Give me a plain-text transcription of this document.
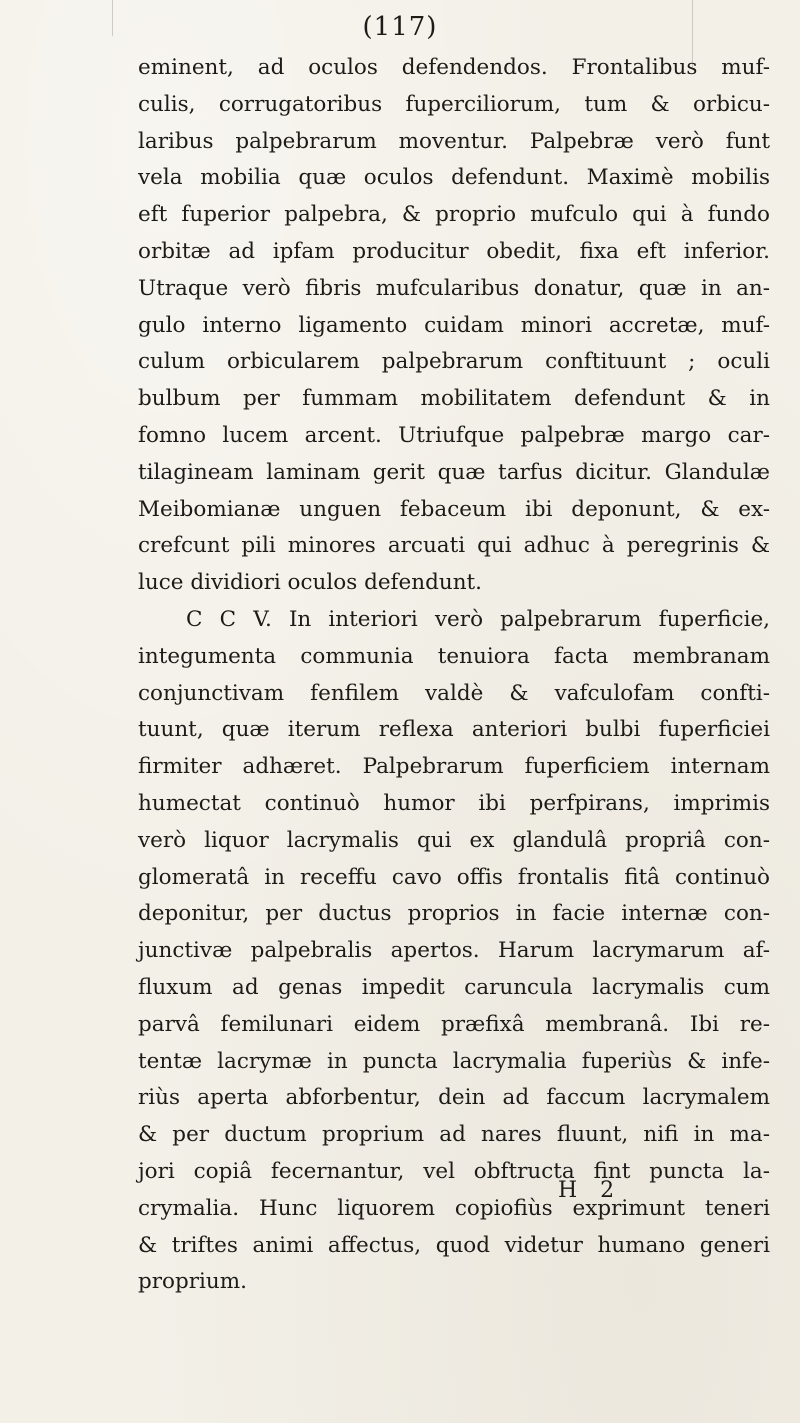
(117)
eminent, ad oculos defendendos. Frontalibus muf-
culis, corrugatoribus fuperciliorum, tum & orbicu-
laribus palpebrarum moventur. Palpebræ verò funt
vela mobilia quæ oculos defendunt. Maximè mobilis
eft fuperior palpebra, & proprio mufculo qui à fundo
orbitæ ad ipfam producitur obedit, fixa eft inferior.
Utraque verò fibris mufcularibus donatur, quæ in an-
gulo interno ligamento cuidam minori accretæ, muf-
culum orbicularem palpebrarum conftituunt ; oculi
bulbum per fummam mobilitatem defendunt & in
fomno lucem arcent. Utriufque palpebræ margo car-
tilagineam laminam gerit quæ tarfus dicitur. Glandulæ
Meibomianæ unguen febaceum ibi deponunt, & ex-
crefcunt pili minores arcuati qui adhuc à peregrinis &
luce dividiori oculos defendunt.
C C V. In interiori verò palpebrarum fuperficie,
integumenta communia tenuiora facta membranam
conjunctivam fenfilem valdè & vafculofam confti-
tuunt, quæ iterum reflexa anteriori bulbi fuperficiei
firmiter adhæret. Palpebrarum fuperficiem internam
humectat continuò humor ibi perfpirans, imprimis
verò liquor lacrymalis qui ex glandulâ propriâ con-
glomeratâ in receffu cavo offis frontalis fitâ continuò
deponitur, per ductus proprios in facie internæ con-
junctivæ palpebralis apertos. Harum lacrymarum af-
fluxum ad genas impedit caruncula lacrymalis cum
parvâ femilunari eidem præfixâ membranâ. Ibi re-
tentæ lacrymæ in puncta lacrymalia fuperiùs & infe-
riùs aperta abforbentur, dein ad faccum lacrymalem
& per ductum proprium ad nares fluunt, nifi in ma-
jori copiâ fecernantur, vel obftructa fint puncta la-
crymalia. Hunc liquorem copiofiùs exprimunt teneri
& triftes animi affectus, quod videtur humano generi
proprium.
H 2
